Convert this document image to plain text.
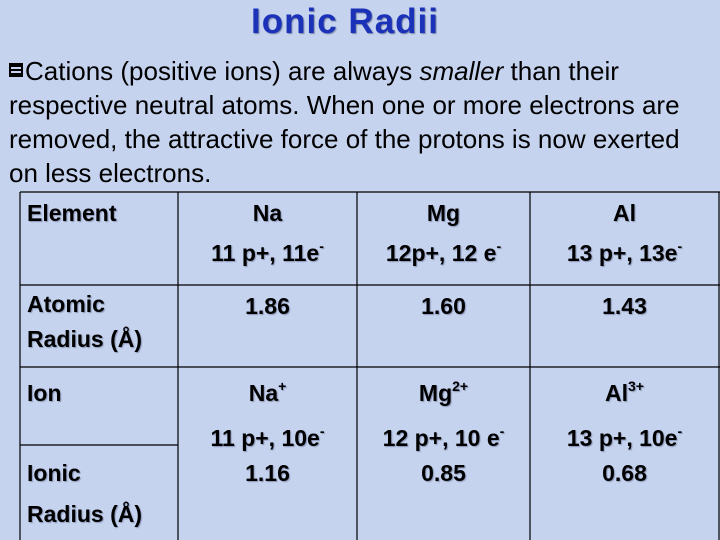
Ionic Radii
Cations (positive ions) are always smaller than their respective neutral atoms. When one or more electrons are removed, the attractive force of the protons is now exerted on less electrons.
Element
Atomic
Radius (Å)
Ion
Ionic
Radius (Å)
Na
11 p+, 11e-
1.86
Na+
11 p+, 10e-
1.16
Mg
12p+, 12 e-
1.60
$Mg^{2+}$
12 p+, 10 e-
0.85
Al
13 p+, 13e-
1.43
$Al^{3+}$
13 p+, 10e-
0.68
